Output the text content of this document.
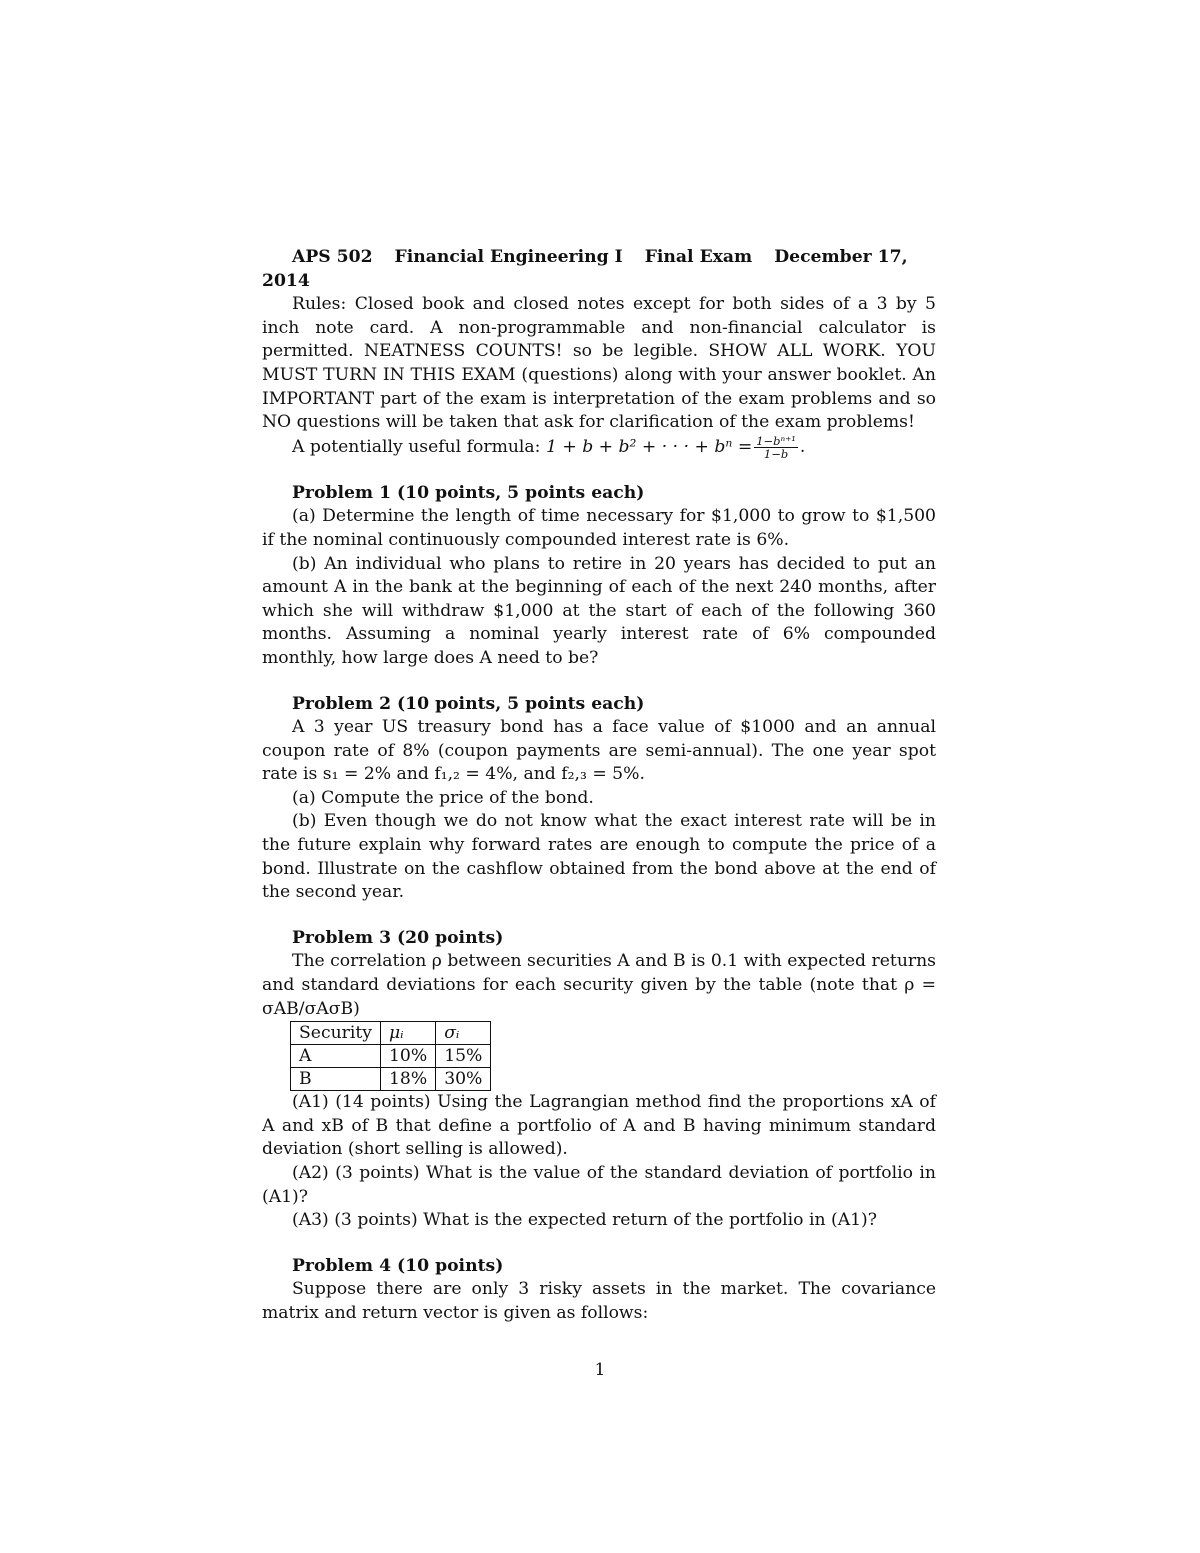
APS 502 Financial Engineering I Final Exam December 17,

2014

Rules: Closed book and closed notes except for both sides of a 3 by 5 inch note card. A non-programmable and non-financial calculator is permitted. NEATNESS COUNTS! so be legible. SHOW ALL WORK. YOU MUST TURN IN THIS EXAM (questions) along with your answer booklet. An IMPORTANT part of the exam is interpretation of the exam problems and so NO questions will be taken that ask for clarification of the exam problems!

A potentially useful formula: 1 + b + b² + · · · + $b^n = \frac{\text{1−bⁿ⁺¹}}{1-b}$ .

Problem 1 (10 points, 5 points each)

(a) Determine the length of time necessary for $1,000 to grow to $1,500 if the nominal continuously compounded interest rate is 6%.

(b) An individual who plans to retire in 20 years has decided to put an amount A in the bank at the beginning of each of the next 240 months, after which she will withdraw $1,000 at the start of each of the following 360 months. Assuming a nominal yearly interest rate of 6% compounded monthly, how large does A need to be?

Problem 2 (10 points, 5 points each)

A 3 year US treasury bond has a face value of $1000 and an annual coupon rate of 8% (coupon payments are semi-annual). The one year spot rate is s₁ = 2% and f₁,₂ = 4%, and f₂,₃ = 5%.

(a) Compute the price of the bond.

(b) Even though we do not know what the exact interest rate will be in the future explain why forward rates are enough to compute the price of a bond. Illustrate on the cashflow obtained from the bond above at the end of the second year.

Problem 3 (20 points)

The correlation ρ between securities A and B is 0.1 with expected returns and standard deviations for each security given by the table (note that ρ = σAB/σAσB)

Security	μᵢ	σᵢ
A	10%	15%
B	18%	30%

(A1) (14 points) Using the Lagrangian method find the proportions xA of A and xB of B that define a portfolio of A and B having minimum standard deviation (short selling is allowed).

(A2) (3 points) What is the value of the standard deviation of portfolio in (A1)?

(A3) (3 points) What is the expected return of the portfolio in (A1)?

Problem 4 (10 points)

Suppose there are only 3 risky assets in the market. The covariance matrix and return vector is given as follows:

1
